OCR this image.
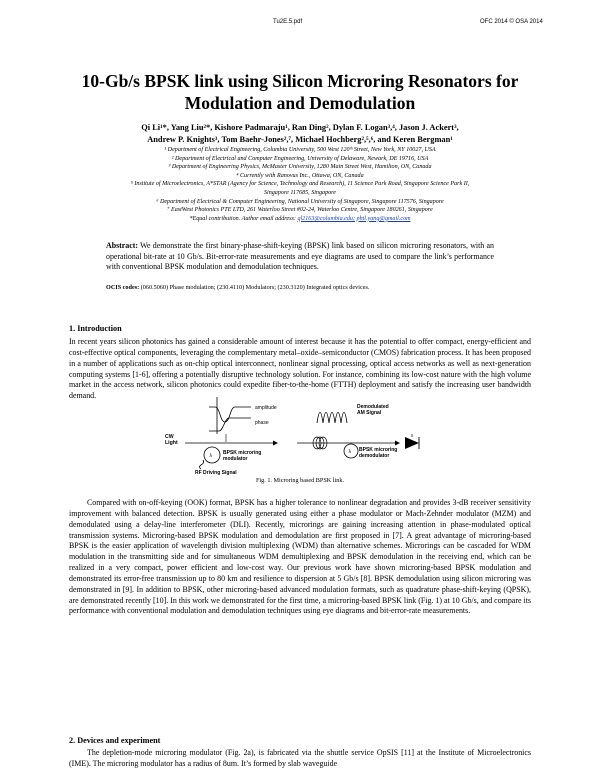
Tu2E.5.pdf	OFC 2014 © OSA 2014
10-Gb/s BPSK link using Silicon Microring Resonators for Modulation and Demodulation
Qi Li¹*, Yang Liu²*, Kishore Padmaraju¹, Ran Ding², Dylan F. Logan³,⁴, Jason J. Ackert³,
Andrew P. Knights³, Tom Baehr-Jones²,⁷, Michael Hochberg²,⁵,⁶, and Keren Bergman¹
¹ Department of Electrical Engineering, Columbia University, 500 West 120ᵗʰ Street, New York, NY 10027, USA
² Department of Electrical and Computer Engineering, University of Delaware, Newark, DE 19716, USA
³ Department of Engineering Physics, McMaster University, 1280 Main Street West, Hamilton, ON, Canada
⁴ Currently with Ranovus Inc., Ottawa, ON, Canada
⁵ Institute of Microelectronics, A*STAR (Agency for Science, Technology and Research), 11 Science Park Road, Singapore Science Park II,
Singapore 117685, Singapore
⁶ Department of Electrical & Computer Engineering, National University of Singapore, Singapore 117576, Singapore
⁷ EastWest Photonics PTE LTD, 261 Waterloo Street #02-24, Waterloo Centre, Singapore 180261, Singapore
*Equal contribution. Author email address: ql2163@columbia.edu; phil.yang@gmail.com
Abstract: We demonstrate the first binary-phase-shift-keying (BPSK) link based on silicon microring resonators, with an operational bit-rate at 10 Gb/s. Bit-error-rate measurements and eye diagrams are used to compare the link’s performance with conventional BPSK modulation and demodulation techniques.
OCIS codes: (060.5060) Phase modulation; (230.4110) Modulators; (230.3120) Integrated optics devices.
1. Introduction
In recent years silicon photonics has gained a considerable amount of interest because it has the potential to offer compact, energy-efficient and cost-effective optical components, leveraging the complementary metal–oxide–semiconductor (CMOS) fabrication process. It has been proposed in a number of applications such as on-chip optical interconnect, nonlinear signal processing, optical access networks as well as next-generation computing systems [1-6], offering a potentially disruptive technology solution. For instance, combining its low-cost nature with the high volume market in the access network, silicon photonics could expedite fiber-to-the-home (FTTH) deployment and satisfy the increasing user bandwidth demand.
amplitude
phase
CW
Light
λ BPSK microring
modulator
RF Driving Signal
Demodulated
AM Signal
λ BPSK microring
demodulator
Fig. 1. Microring based BPSK link.
Compared with on-off-keying (OOK) format, BPSK has a higher tolerance to nonlinear degradation and provides 3-dB receiver sensitivity improvement with balanced detection. BPSK is usually generated using either a phase modulator or Mach-Zehnder modulator (MZM) and demodulated using a delay-line interferometer (DLI). Recently, microrings are gaining increasing attention in phase-modulated optical transmission systems. Microring-based BPSK modulation and demodulation are first proposed in [7]. A great advantage of microring-based BPSK is the easier application of wavelength division multiplexing (WDM) than alternative schemes. Microrings can be cascaded for WDM modulation in the transmitting side and for simultaneous WDM demultiplexing and BPSK demodulation in the receiving end, which can be realized in a very compact, power efficient and low-cost way. Our previous work have shown microring-based BPSK modulation and demonstrated its error-free transmission up to 80 km and resilience to dispersion at 5 Gb/s [8]. BPSK demodulation using silicon microring was demonstrated in [9]. In addition to BPSK, other microring-based advanced modulation formats, such as quadrature phase-shift-keying (QPSK), are demonstrated recently [10]. In this work we demonstrated for the first time, a microring-based BPSK link (Fig. 1) at 10 Gb/s, and compare its performance with conventional modulation and demodulation techniques using eye diagrams and bit-error-rate measurements.
2. Devices and experiment
The depletion-mode microring modulator (Fig. 2a), is fabricated via the shuttle service OpSIS [11] at the Institute of Microelectronics (IME). The microring modulator has a radius of 8um. It’s formed by slab waveguide
